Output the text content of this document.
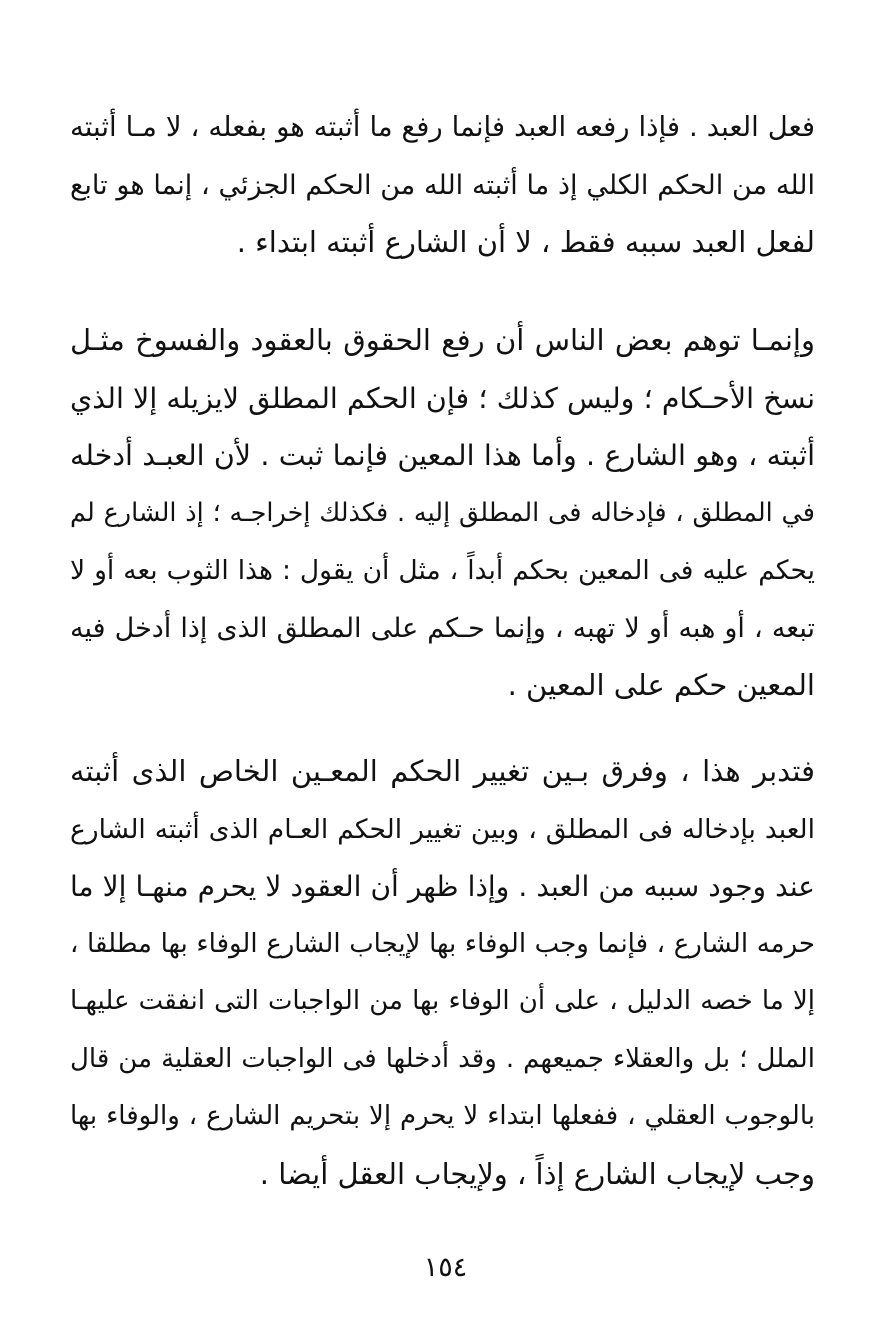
فعل العبد . فإذا رفعه العبد فإنما رفع ما أثبته هو بفعله ، لا مـا أثبته
الله من الحكم الكلي إذ ما أثبته الله من الحكم الجزئي ، إنما هو تابع
لفعل العبد سببه فقط ، لا أن الشارع أثبته ابتداء .
وإنمـا توهم بعض الناس أن رفع الحقوق بالعقود والفسوخ مثـل
نسخ الأحـكام ؛ وليس كذلك ؛ فإن الحكم المطلق لايزيله إلا الذي
أثبته ، وهو الشارع . وأما هذا المعين فإنما ثبت . لأن العبـد أدخله
في المطلق ، فإدخاله فى المطلق إليه . فكذلك إخراجـه ؛ إذ الشارع لم
يحكم عليه فى المعين بحكم أبداً ، مثل أن يقول : هذا الثوب بعه أو لا
تبعه ، أو هبه أو لا تهبه ، وإنما حـكم على المطلق الذى إذا أدخل فيه
المعين حكم على المعين .
فتدبر هذا ، وفرق بـين تغيير الحكم المعـين الخاص الذى أثبته
العبد بإدخاله فى المطلق ، وبين تغيير الحكم العـام الذى أثبته الشارع
عند وجود سببه من العبد . وإذا ظهر أن العقود لا يحرم منهـا إلا ما
حرمه الشارع ، فإنما وجب الوفاء بها لإيجاب الشارع الوفاء بها مطلقا ،
إلا ما خصه الدليل ، على أن الوفاء بها من الواجبات التى انفقت عليهـا
الملل ؛ بل والعقلاء جميعهم . وقد أدخلها فى الواجبات العقلية من قال
بالوجوب العقلي ، ففعلها ابتداء لا يحرم إلا بتحريم الشارع ، والوفاء بها
وجب لإيجاب الشارع إذاً ، ولإيجاب العقل أيضا .
١٥٤
